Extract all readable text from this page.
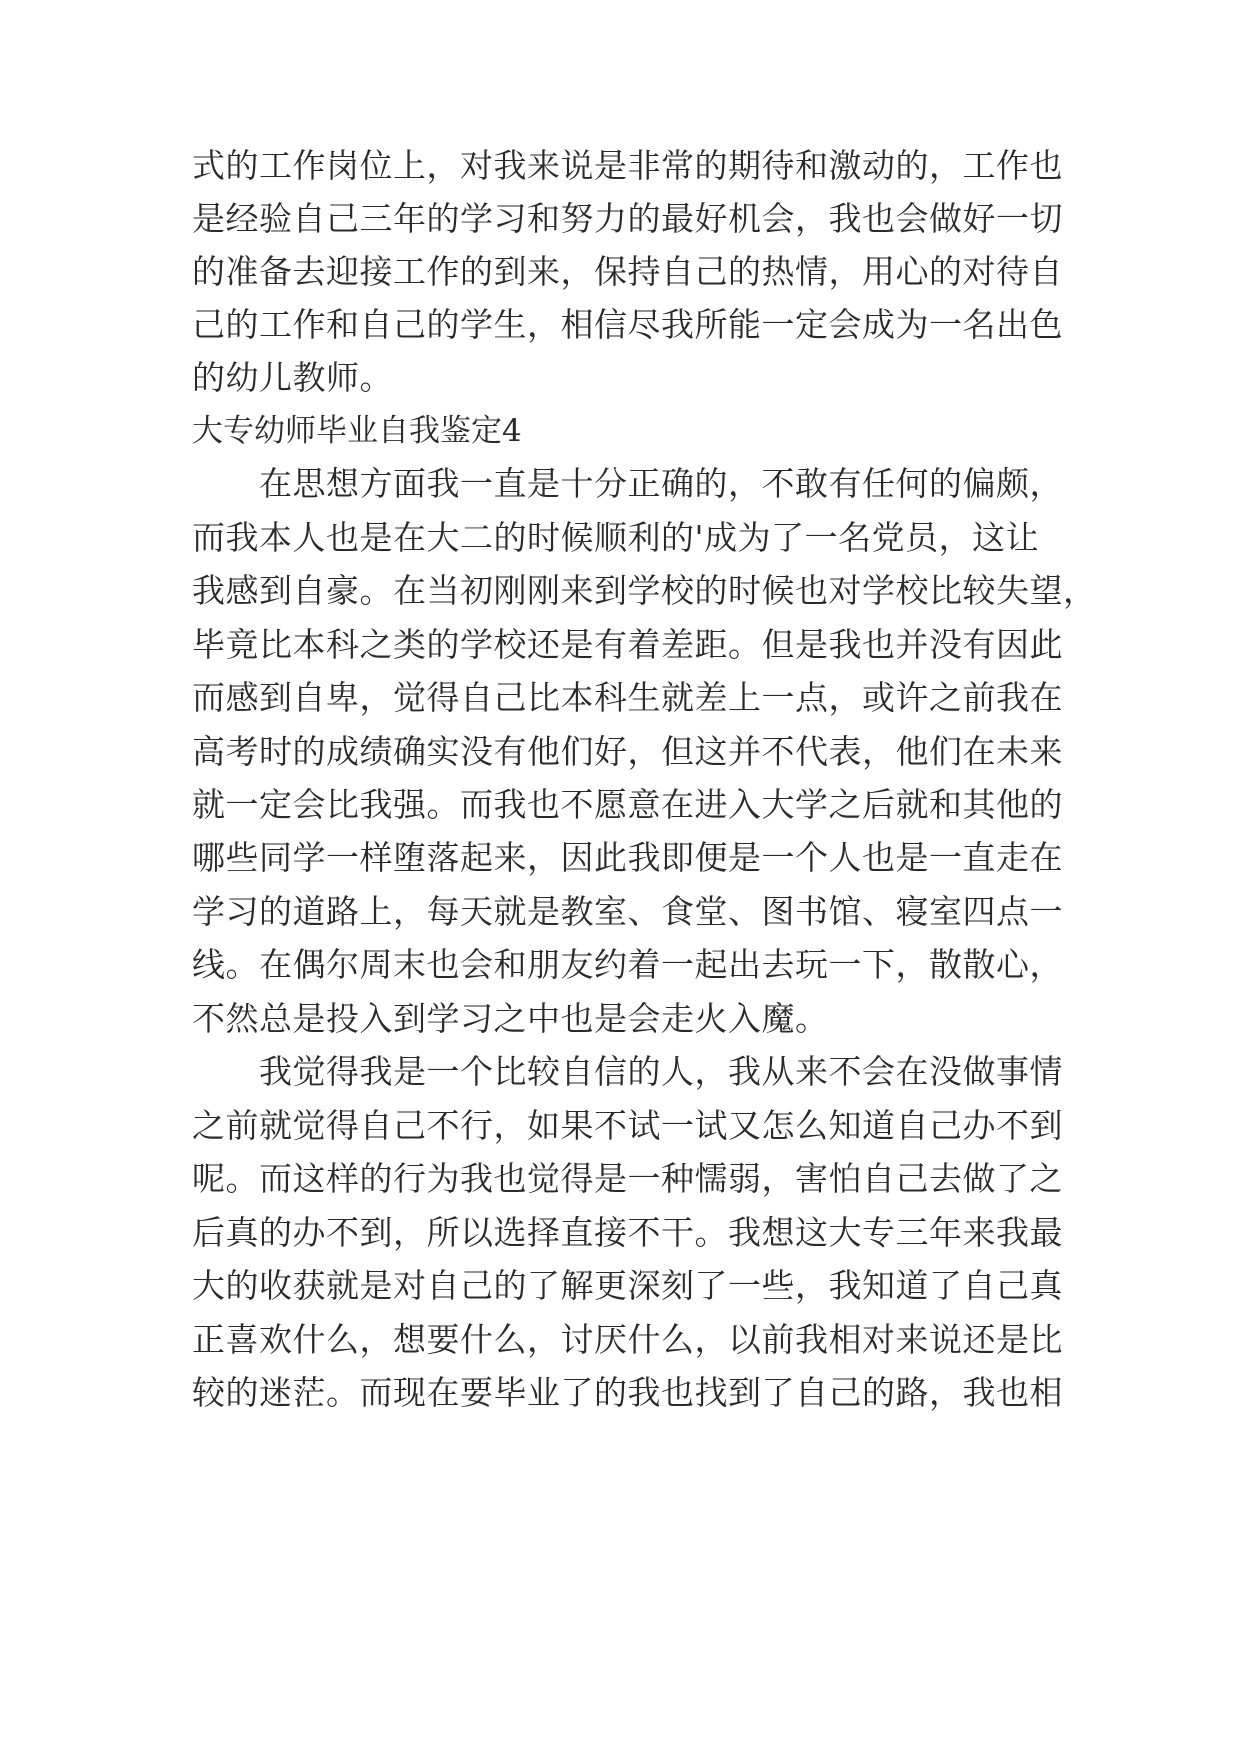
式的工作岗位上，对我来说是非常的期待和激动的，工作也

是经验自己三年的学习和努力的最好机会，我也会做好一切

的准备去迎接工作的到来，保持自己的热情，用心的对待自

己的工作和自己的学生，相信尽我所能一定会成为一名出色

的幼儿教师。

大专幼师毕业自我鉴定4

　　在思想方面我一直是十分正确的，不敢有任何的偏颇，

而我本人也是在大二的时候顺利的'成为了一名党员，这让

我感到自豪。在当初刚刚来到学校的时候也对学校比较失望，

毕竟比本科之类的学校还是有着差距。但是我也并没有因此

而感到自卑，觉得自己比本科生就差上一点，或许之前我在

高考时的成绩确实没有他们好，但这并不代表，他们在未来

就一定会比我强。而我也不愿意在进入大学之后就和其他的

哪些同学一样堕落起来，因此我即便是一个人也是一直走在

学习的道路上，每天就是教室、食堂、图书馆、寝室四点一

线。在偶尔周末也会和朋友约着一起出去玩一下，散散心，

不然总是投入到学习之中也是会走火入魔。

　　我觉得我是一个比较自信的人，我从来不会在没做事情

之前就觉得自己不行，如果不试一试又怎么知道自己办不到

呢。而这样的行为我也觉得是一种懦弱，害怕自己去做了之

后真的办不到，所以选择直接不干。我想这大专三年来我最

大的收获就是对自己的了解更深刻了一些，我知道了自己真

正喜欢什么，想要什么，讨厌什么，以前我相对来说还是比

较的迷茫。而现在要毕业了的我也找到了自己的路，我也相
